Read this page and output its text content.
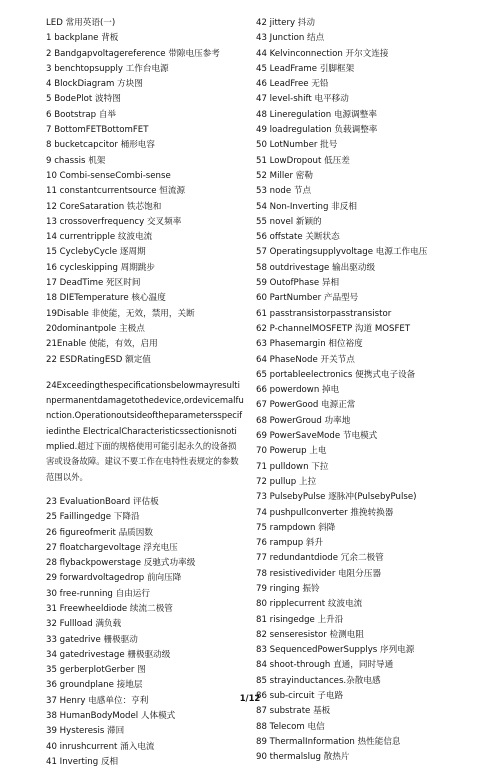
LED 常用英语(一)
1 backplane 背板
2 Bandgapvoltagereference 带隙电压参考
3 benchtopsupply 工作台电源
4 BlockDiagram 方块图
5 BodePlot 波特图
6 Bootstrap 自举
7 BottomFETBottomFET
8 bucketcapcitor 桶形电容
9 chassis 机架
10 Combi-senseCombi-sense
11 constantcurrentsource 恒流源
12 CoreSataration 铁芯饱和
13 crossoverfrequency 交叉频率
14 currentripple 纹波电流
15 CyclebyCycle 逐周期
16 cycleskipping 周期跳步
17 DeadTime 死区时间
18 DIETemperature 核心温度
19Disable 非使能，无效，禁用，关断
20dominantpole 主极点
21Enable 使能，有效，启用
22 ESDRatingESD 额定值
24Exceedingthespecificationsbelowmayresultinpermanentdamagetothedevice,ordevicemalfunction.Operationoutsideoftheparametersspecifiedinthe ElectricalCharacteristicssectionisnotimplied.超过下面的规格使用可能引起永久的设备损害或设备故障。建议不要工作在电特性表规定的参数范围以外。
23 EvaluationBoard 评估板
25 Faillingedge 下降沿
26 figureofmerit 品质因数
27 floatchargevoltage 浮充电压
28 flybackpowerstage 反驰式功率级
29 forwardvoltagedrop 前向压降
30 free-running 自由运行
31 Freewheeldiode 续流二极管
32 Fullload 满负载
33 gatedrive 栅极驱动
34 gatedrivestage 栅极驱动级
35 gerberplotGerber 图
36 groundplane 接地层
37 Henry 电感单位：亨利
38 HumanBodyModel 人体模式
39 Hysteresis 滞回
40 inrushcurrent 涌入电流
41 Inverting 反相
42 jittery 抖动
43 Junction 结点
44 Kelvinconnection 开尔文连接
45 LeadFrame 引脚框架
46 LeadFree 无铅
47 level-shift 电平移动
48 Lineregulation 电源调整率
49 loadregulation 负载调整率
50 LotNumber 批号
51 LowDropout 低压差
52 Miller 密勒
53 node 节点
54 Non-Inverting 非反相
55 novel 新颖的
56 offstate 关断状态
57 Operatingsupplyvoltage 电源工作电压
58 outdrivestage 输出驱动级
59 OutofPhase 异相
60 PartNumber 产品型号
61 passtransistorpasstransistor
62 P-channelMOSFETP 沟道 MOSFET
63 Phasemargin 相位裕度
64 PhaseNode 开关节点
65 portableelectronics 便携式电子设备
66 powerdown 掉电
67 PowerGood 电源正常
68 PowerGroud 功率地
69 PowerSaveMode 节电模式
70 Powerup 上电
71 pulldown 下拉
72 pullup 上拉
73 PulsebyPulse 逐脉冲(PulsebyPulse)
74 pushpullconverter 推挽转换器
75 rampdown 斜降
76 rampup 斜升
77 redundantdiode 冗余二极管
78 resistivedivider 电阻分压器
79 ringing 振铃
80 ripplecurrent 纹波电流
81 risingedge 上升沿
82 senseresistor 检测电阻
83 SequencedPowerSupplys 序列电源
84 shoot-through 直通，同时导通
85 strayinductances.杂散电感
86 sub-circuit 子电路
87 substrate 基板
88 Telecom 电信
89 ThermalInformation 热性能信息
90 thermalslug 散热片
1/12
